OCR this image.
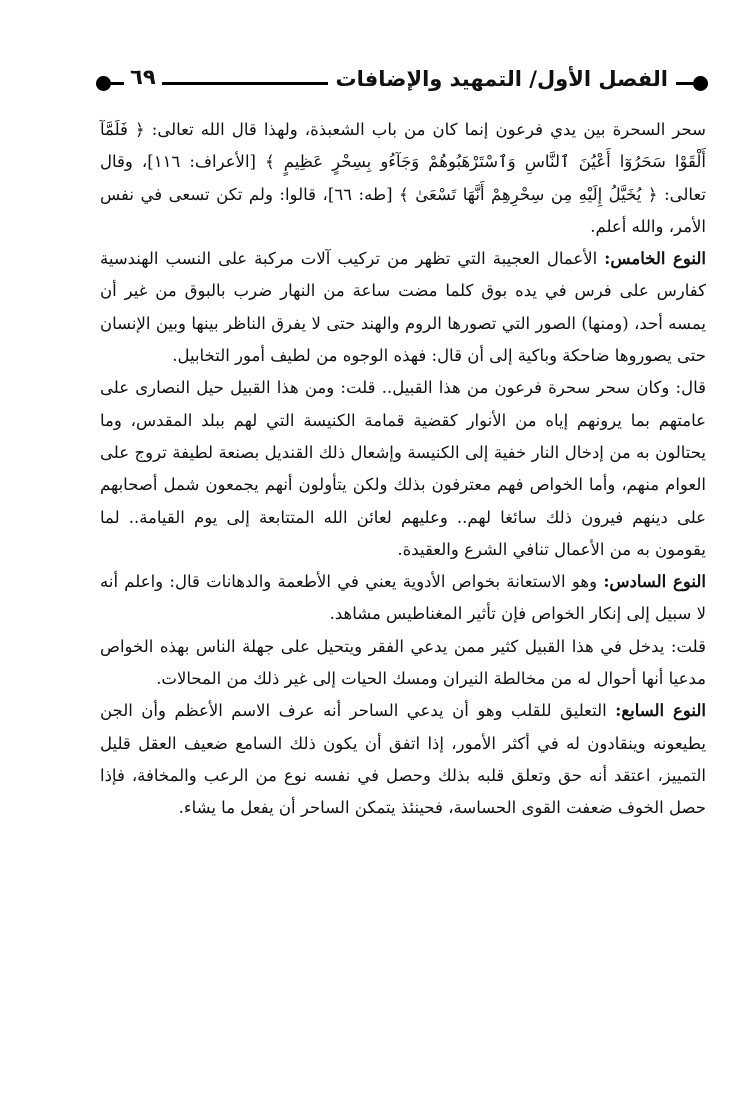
الفصل الأول/ التمهيد والإضافات
٦٩

سحر السحرة بين يدي فرعون إنما كان من باب الشعبذة، ولهذا قال الله تعالى: ﴿ فَلَمَّآ أَلْقَوْا سَحَرُوٓا أَعْيُنَ ٱلنَّاسِ وَٱسْتَرْهَبُوهُمْ وَجَآءُو بِسِحْرٍ عَظِيمٍ ﴾ [الأعراف: ١١٦]، وقال تعالى: ﴿ يُخَيَّلُ إِلَيْهِ مِن سِحْرِهِمْ أَنَّهَا تَسْعَىٰ ﴾ [طه: ٦٦]، قالوا: ولم تكن تسعى في نفس الأمر، والله أعلم.

النوع الخامس: الأعمال العجيبة التي تظهر من تركيب آلات مركبة على النسب الهندسية كفارس على فرس في يده بوق كلما مضت ساعة من النهار ضرب بالبوق من غير أن يمسه أحد، (ومنها) الصور التي تصورها الروم والهند حتى لا يفرق الناظر بينها وبين الإنسان حتى يصوروها ضاحكة وباكية إلى أن قال: فهذه الوجوه من لطيف أمور التخابيل.

قال: وكان سحر سحرة فرعون من هذا القبيل.. قلت: ومن هذا القبيل حيل النصارى على عامتهم بما يرونهم إياه من الأنوار كقضية قمامة الكنيسة التي لهم ببلد المقدس، وما يحتالون به من إدخال النار خفية إلى الكنيسة وإشعال ذلك القنديل بصنعة لطيفة تروج على العوام منهم، وأما الخواص فهم معترفون بذلك ولكن يتأولون أنهم يجمعون شمل أصحابهم على دينهم فيرون ذلك سائغا لهم.. وعليهم لعائن الله المتتابعة إلى يوم القيامة.. لما يقومون به من الأعمال تنافي الشرع والعقيدة.

النوع السادس: وهو الاستعانة بخواص الأدوية يعني في الأطعمة والدهانات قال: واعلم أنه لا سبيل إلى إنكار الخواص فإن تأثير المغناطيس مشاهد.

قلت: يدخل في هذا القبيل كثير ممن يدعي الفقر ويتحيل على جهلة الناس بهذه الخواص مدعيا أنها أحوال له من مخالطة النيران ومسك الحيات إلى غير ذلك من المحالات.

النوع السابع: التعليق للقلب وهو أن يدعي الساحر أنه عرف الاسم الأعظم وأن الجن يطيعونه وينقادون له في أكثر الأمور، إذا اتفق أن يكون ذلك السامع ضعيف العقل قليل التمييز، اعتقد أنه حق وتعلق قلبه بذلك وحصل في نفسه نوع من الرعب والمخافة، فإذا حصل الخوف ضعفت القوى الحساسة، فحينئذ يتمكن الساحر أن يفعل ما يشاء.
